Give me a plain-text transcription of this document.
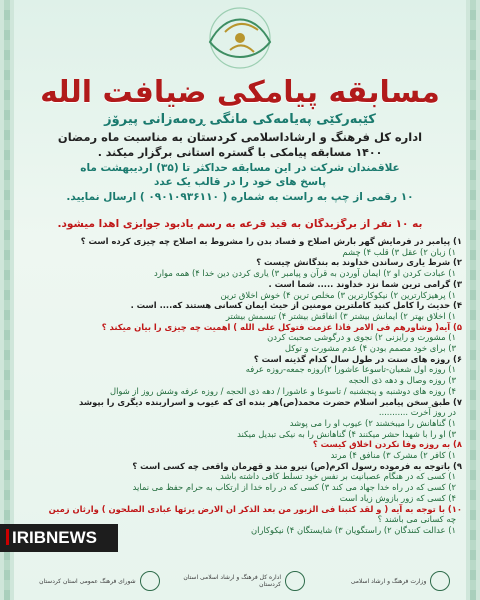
مسابقه پیامکی ضیافت الله
کێبەرکێی پەیامەکی مانگی ڕەمەزانی پیرۆز
اداره کل فرهنگ و ارشاداسلامی کردستان به مناسبت ماه رمضان
۱۴۰۰ مسابقه پیامکی با گستره استانی برگزار میکند .
علاقمندان شرکت در این مسابقه حداکثر تا (۳۵) اردیبهشت ماه
پاسخ های خود را در قالب یک عدد
۱۰ رقمی از چپ به راست به شماره ( ۰۹۰۱۰۹۳۶۱۱۰ ) ارسال نمایید.
به ۱۰ نفر از برگزیدگان به قید قرعه به رسم یادبود جوایزی اهدا میشود.
۱) پیامبر در فرمایش گهر بارش اصلاح و فساد بدن را مشروط به اصلاح چه چیزی کرده است ؟
۱) زبان ۲) عقل ۳) قلب ۴) چشم
۲) شرط یاری رساندن خداوند به بندگانش چیست ؟
۱) عبادت کردن او ۲) ایمان آوردن به قرآن و پیامبر ۳) یاری کردن دین خدا ۴) همه موارد
۳) گرامی ترین شما نزد خداوند ..... شما است .
۱) پرهیزکارترین ۲) نیکوکارترین ۳) مخلص ترین ۴) خوش اخلاق ترین
۴) حدیث را کامل کنید کاملترین مومنین از حیث ایمان کسانی هستند که.... است .
۱) اخلاق بهتر ۲) ایمانش بیشتر ۳) انفاقش بیشتر ۴) تبسمش بیشتر
۵) آیه( وشاورهم فی الامر فاذا عزمت فتوکل علی الله ) اهمیت چه چیزی را بیان میکند ؟
۱) مشورت و رایزنی ۲) نجوی و درگوشی صحبت کردن
۳) برای خود مصمم بودن ۴) عدم مشورت و توکل
۶) روزه های سنت در طول سال کدام گذینه است ؟
۱) روزه اول شعبان-تاسوعا عاشورا ۲)روزه جمعه-روزه عرفه
۳) روزه وصال و دهه ذی الحجه
۴) روزه های دوشنبه و پنجشنبه / تاسوعا و عاشورا / دهه ذی الحجه / روزه عرفه وشش روز از شوال
۷) طبق سخن پیامبر اسلام حضرت محمد(ص)هر بنده ای که عیوب و اسراربنده دیگری را بپوشد
در روز آخرت ...........
۱) گناهانش را میبخشند ۲) عیوب او را می پوشد
۳) او را با شهدا حشر میکنند ۴) گناهانش را به نیکی تبدیل میکند
۸) به روزه وفا نکردن اخلاق کیست ؟
۱) کافر ۲) مشرک ۳) منافق ۴) مرتد
۹) باتوجه به فرموده رسول اکرم(ص) نیرو مند و قهرمان واقعی چه کسی است ؟
۱) کسی که در هنگام عصبانیت بر نفس خود تسلط کافی داشته باشد
۲) کسی که در راه خدا جهاد می کند ۳) کسی که در راه خدا از ارتکاب به حرام حفظ می نماید
۴) کسی که زور بازوش زیاد است
۱۰) با توجه به آیه ( و لقد کتبنا فی الزبور من بعد الذکر ان الارض یرثها عبادی الصلحون ) وارثان زمین
چه کسانی می باشند ؟
۱) عدالت کنندگان ۲) راستگویان ۳) شایستگان ۴) نیکوکاران
IRIBNEWS
وزارت فرهنگ و ارشاد اسلامی
اداره کل فرهنگ و ارشاد اسلامی استان کردستان
شورای فرهنگ عمومی استان کردستان
